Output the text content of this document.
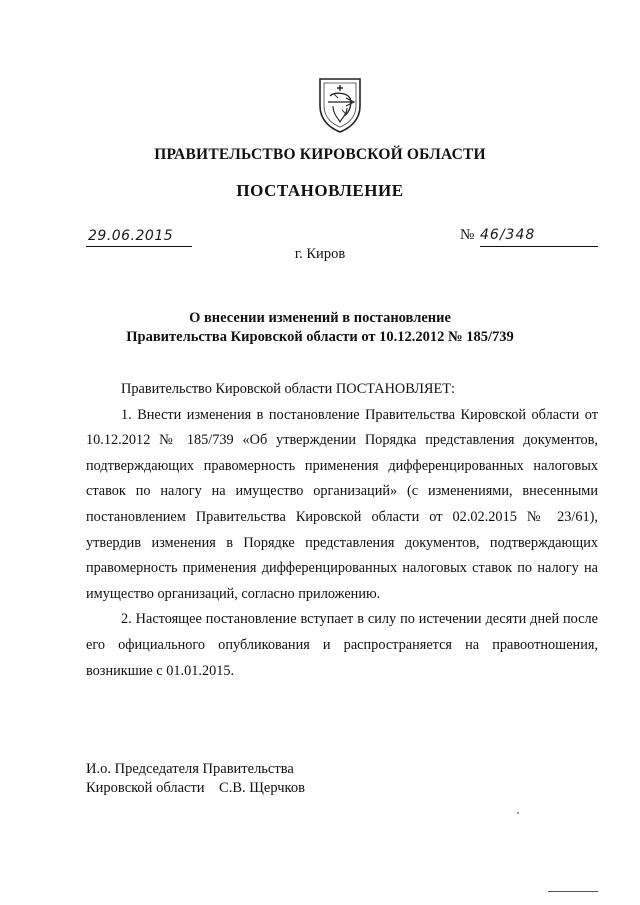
ПРАВИТЕЛЬСТВО КИРОВСКОЙ ОБЛАСТИ
ПОСТАНОВЛЕНИЕ
29.06.2015	№ 46/348
г. Киров
О внесении изменений в постановление
Правительства Кировской области от 10.12.2012 № 185/739

Правительство Кировской области ПОСТАНОВЛЯЕТ:

1. Внести изменения в постановление Правительства Кировской области от 10.12.2012 № 185/739 «Об утверждении Порядка представления документов, подтверждающих правомерность применения дифференцированных налоговых ставок по налогу на имущество организаций» (с изменениями, внесенными постановлением Правительства Кировской области от 02.02.2015 № 23/61), утвердив изменения в Порядке представления документов, подтверждающих правомерность применения дифференцированных налоговых ставок по налогу на имущество организаций, согласно приложению.

2. Настоящее постановление вступает в силу по истечении десяти дней после его официального опубликования и распространяется на правоотношения, возникшие с 01.01.2015.

И.о. Председателя Правительства
Кировской области    С.В. Щерчков
